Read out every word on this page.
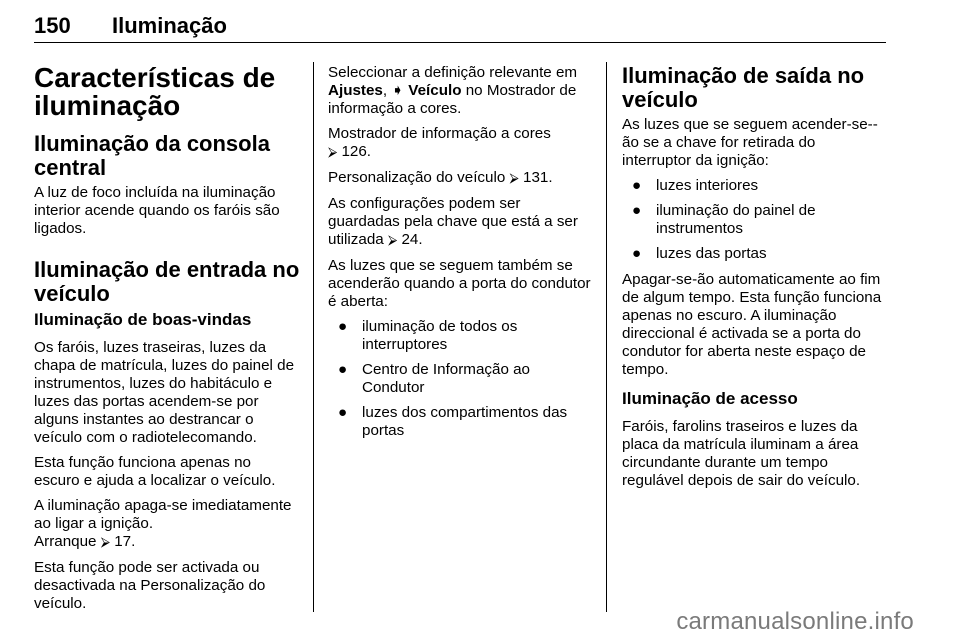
150 Iluminação
Características de iluminação
Iluminação da consola central

A luz de foco incluída na iluminação interior acende quando os faróis são ligados.

Iluminação de entrada no veículo
Iluminação de boas-vindas

Os faróis, luzes traseiras, luzes da chapa de matrícula, luzes do painel de instrumentos, luzes do habitáculo e luzes das portas acendem-se por alguns instantes ao destrancar o veículo com o radiotelecomando.

Esta função funciona apenas no escuro e ajuda a localizar o veículo.

A iluminação apaga-se imediatamente ao ligar a ignição.
Arranque ⮚ 17.

Esta função pode ser activada ou desactivada na Personalização do veículo.

Seleccionar a definição relevante em Ajustes, ➧ Veículo no Mostrador de informação a cores.

Mostrador de informação a cores
⮚ 126.

Personalização do veículo ⮚ 131.

As configurações podem ser guardadas pela chave que está a ser utilizada ⮚ 24.

As luzes que se seguem também se acenderão quando a porta do condutor é aberta:

● iluminação de todos os interruptores
● Centro de Informação ao Condutor
● luzes dos compartimentos das portas
Iluminação de saída no veículo

As luzes que se seguem acender-se--ão se a chave for retirada do interruptor da ignição:

● luzes interiores
● iluminação do painel de instrumentos
● luzes das portas

Apagar-se-ão automaticamente ao fim de algum tempo. Esta função funciona apenas no escuro. A iluminação direccional é activada se a porta do condutor for aberta neste espaço de tempo.

Iluminação de acesso

Faróis, farolins traseiros e luzes da placa da matrícula iluminam a área circundante durante um tempo regulável depois de sair do veículo.

carmanualsonline.info
